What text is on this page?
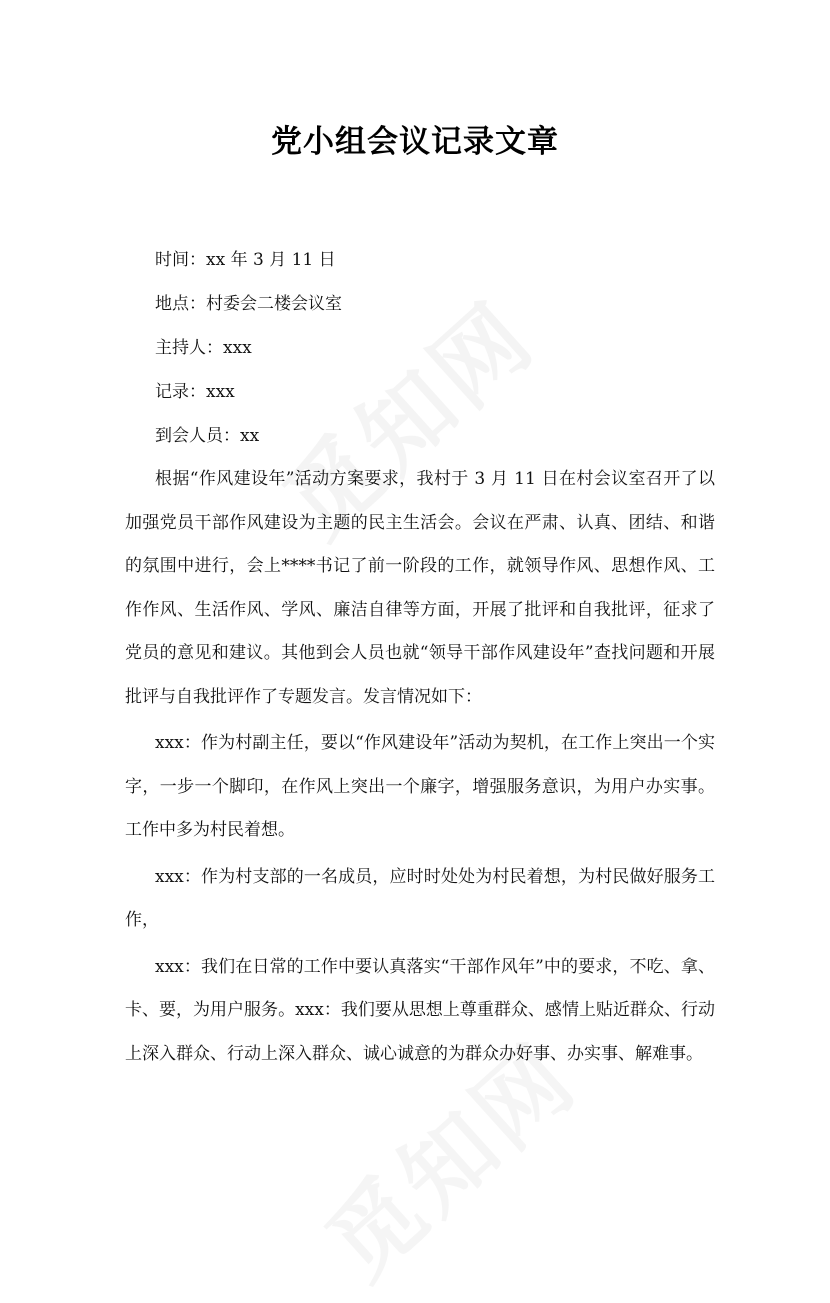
党小组会议记录文章

时间：xx 年 3 月 11 日

地点：村委会二楼会议室

主持人：xxx

记录：xxx

到会人员：xx

根据“作风建设年”活动方案要求，我村于 3 月 11 日在村会议室召开了以加强党员干部作风建设为主题的民主生活会。会议在严肃、认真、团结、和谐的氛围中进行，会上****书记了前一阶段的工作，就领导作风、思想作风、工作作风、生活作风、学风、廉洁自律等方面，开展了批评和自我批评，征求了党员的意见和建议。其他到会人员也就“领导干部作风建设年”查找问题和开展批评与自我批评作了专题发言。发言情况如下：

xxx：作为村副主任，要以“作风建设年”活动为契机，在工作上突出一个实字，一步一个脚印，在作风上突出一个廉字，增强服务意识，为用户办实事。工作中多为村民着想。

xxx：作为村支部的一名成员，应时时处处为村民着想，为村民做好服务工作，

xxx：我们在日常的工作中要认真落实“干部作风年”中的要求，不吃、拿、卡、要，为用户服务。xxx：我们要从思想上尊重群众、感情上贴近群众、行动上深入群众、行动上深入群众、诚心诚意的为群众办好事、办实事、解难事。
